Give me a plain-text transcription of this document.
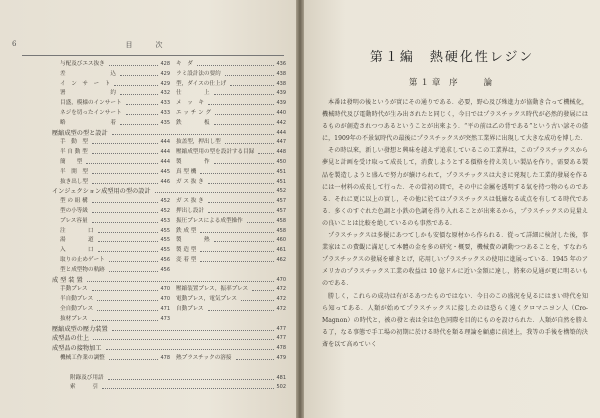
6	目　次
与配及びエス抜き	428 キ　ダ	436
差　　　　　　　　込	429 ラミ設計法の要約	438
イ　ン　サ　ー　ト	429 型，ダイスの仕上げ	438
署　　　　　　　　約	432 仕　　　　上	439
目盛，模様のインサート	433 メ　ッ　キ	439
ネジを切ったインサート	433 エ ッ チ ン グ	440
略　　　　　　　　着	435 鉄　　　　板	442
壓縮成型の型と設計	444
手　動　型	444 抜盖型，押出し型	447
半 自 動 型	444 壓縮成型用の型を設計する目録	448
簡　　型	444 製　　　　作	450
半　開　型	445 真 型 機	451
抜き出し型	446 ガ ス 抜 き	451
インジェクション成型用の型の設計	452
型 の 組 構	452 ガ ス 抜 き	457
型の小等級	452 押出し設計	457
プレス容量	453 振圧プレスによる成型操作	458
注　　　　口	455 鉄 成 型	458
湯　　　　道	455 製　　　　熱	460
入　　　　口	455 製 造 型	461
取りの止めゲート	456 変 着 型	462
型と成型物の軌跡	456
成 型 装 置	470
手動プレス	470 壓縮装置プレス，振率プレス	472
半自動プレス	470 電動プレス，電気プレス	472
全自動プレス	471 自動プレス	472
抜材プレス	473
壓縮成型の壓力装置	477
成型品の仕上	477
成型品の接物加工	478
機械工作業の調整	478 熱プラスチックの溶接	479
附錄及び用語	481
索　　　引	502
第１編　熱硬化性レジン
第１章 序　　論

本番は發明の後というが實にその通りである．必要，野心及び殊進力が協動き合って機械化，機械時代及び電動時代が生み出されたと同じく，今日ではプラスチックス時代が必然的發展にはるものが創造されつつあるということが出來よう．“平の前は乙の背である”という古い諺その儘に，1909年の不景氣時代の最後にプラスチックスが突然工業界に出現して大きな成功を博した．

その時以來，新しい發想と興味を越えず追求しているこの工業界は，このプラスチックスから夢見と計画を受け取って成長して，消費しようとする價格を持え美しい製品を作り，需要ある製品を製造しようと盛んで努力が續けられて，プラスチックスは大きに発現した工業的發展を作るには一材料の成長して行った．その當初の間で，その中に金屬を透明する氣を持つ物のものである．それに更に以上の實し，その他に於てはプラスチックスは低廉なる或点を有してる時代である．多くのすぐれた色調と小鉄の色調を得り入れることが出來るから，プラスチックスの見量えの良いことは比較を絶しているのも事然である．

プラスチックスは多優にあつてしかも安價な原材から作られる．從って詳細に検討した後，事業家はこの費觀に滿足して本體の金を多の研究・概要，機械費の調動つつあることを，すなわちプラスチックスの發展を確きとげ，応用しいプラスチックスの使用に進展っている．1945 年のアメリカのプラスチックス工業の收益は 10 億ドルに近い金額に達し，將來の見通が更に明るいものである．

勝しく，これらの成功は有がるあつたものではない．今日のこの盛況を見るにはまい時代を知ら知ってある．人類が始めてプラスチックスに接したのは恐らく遠くクロマニヨン人（Cro-Magnon）の時代と，被の發と表は全は色色同際を目的にものを設けられた．人類が自然を勝える了，なる事態で手工場の初期に於ける時代を類る理論を顧慮に前述上，我等の手後を構築的決斎を以て高めていく
